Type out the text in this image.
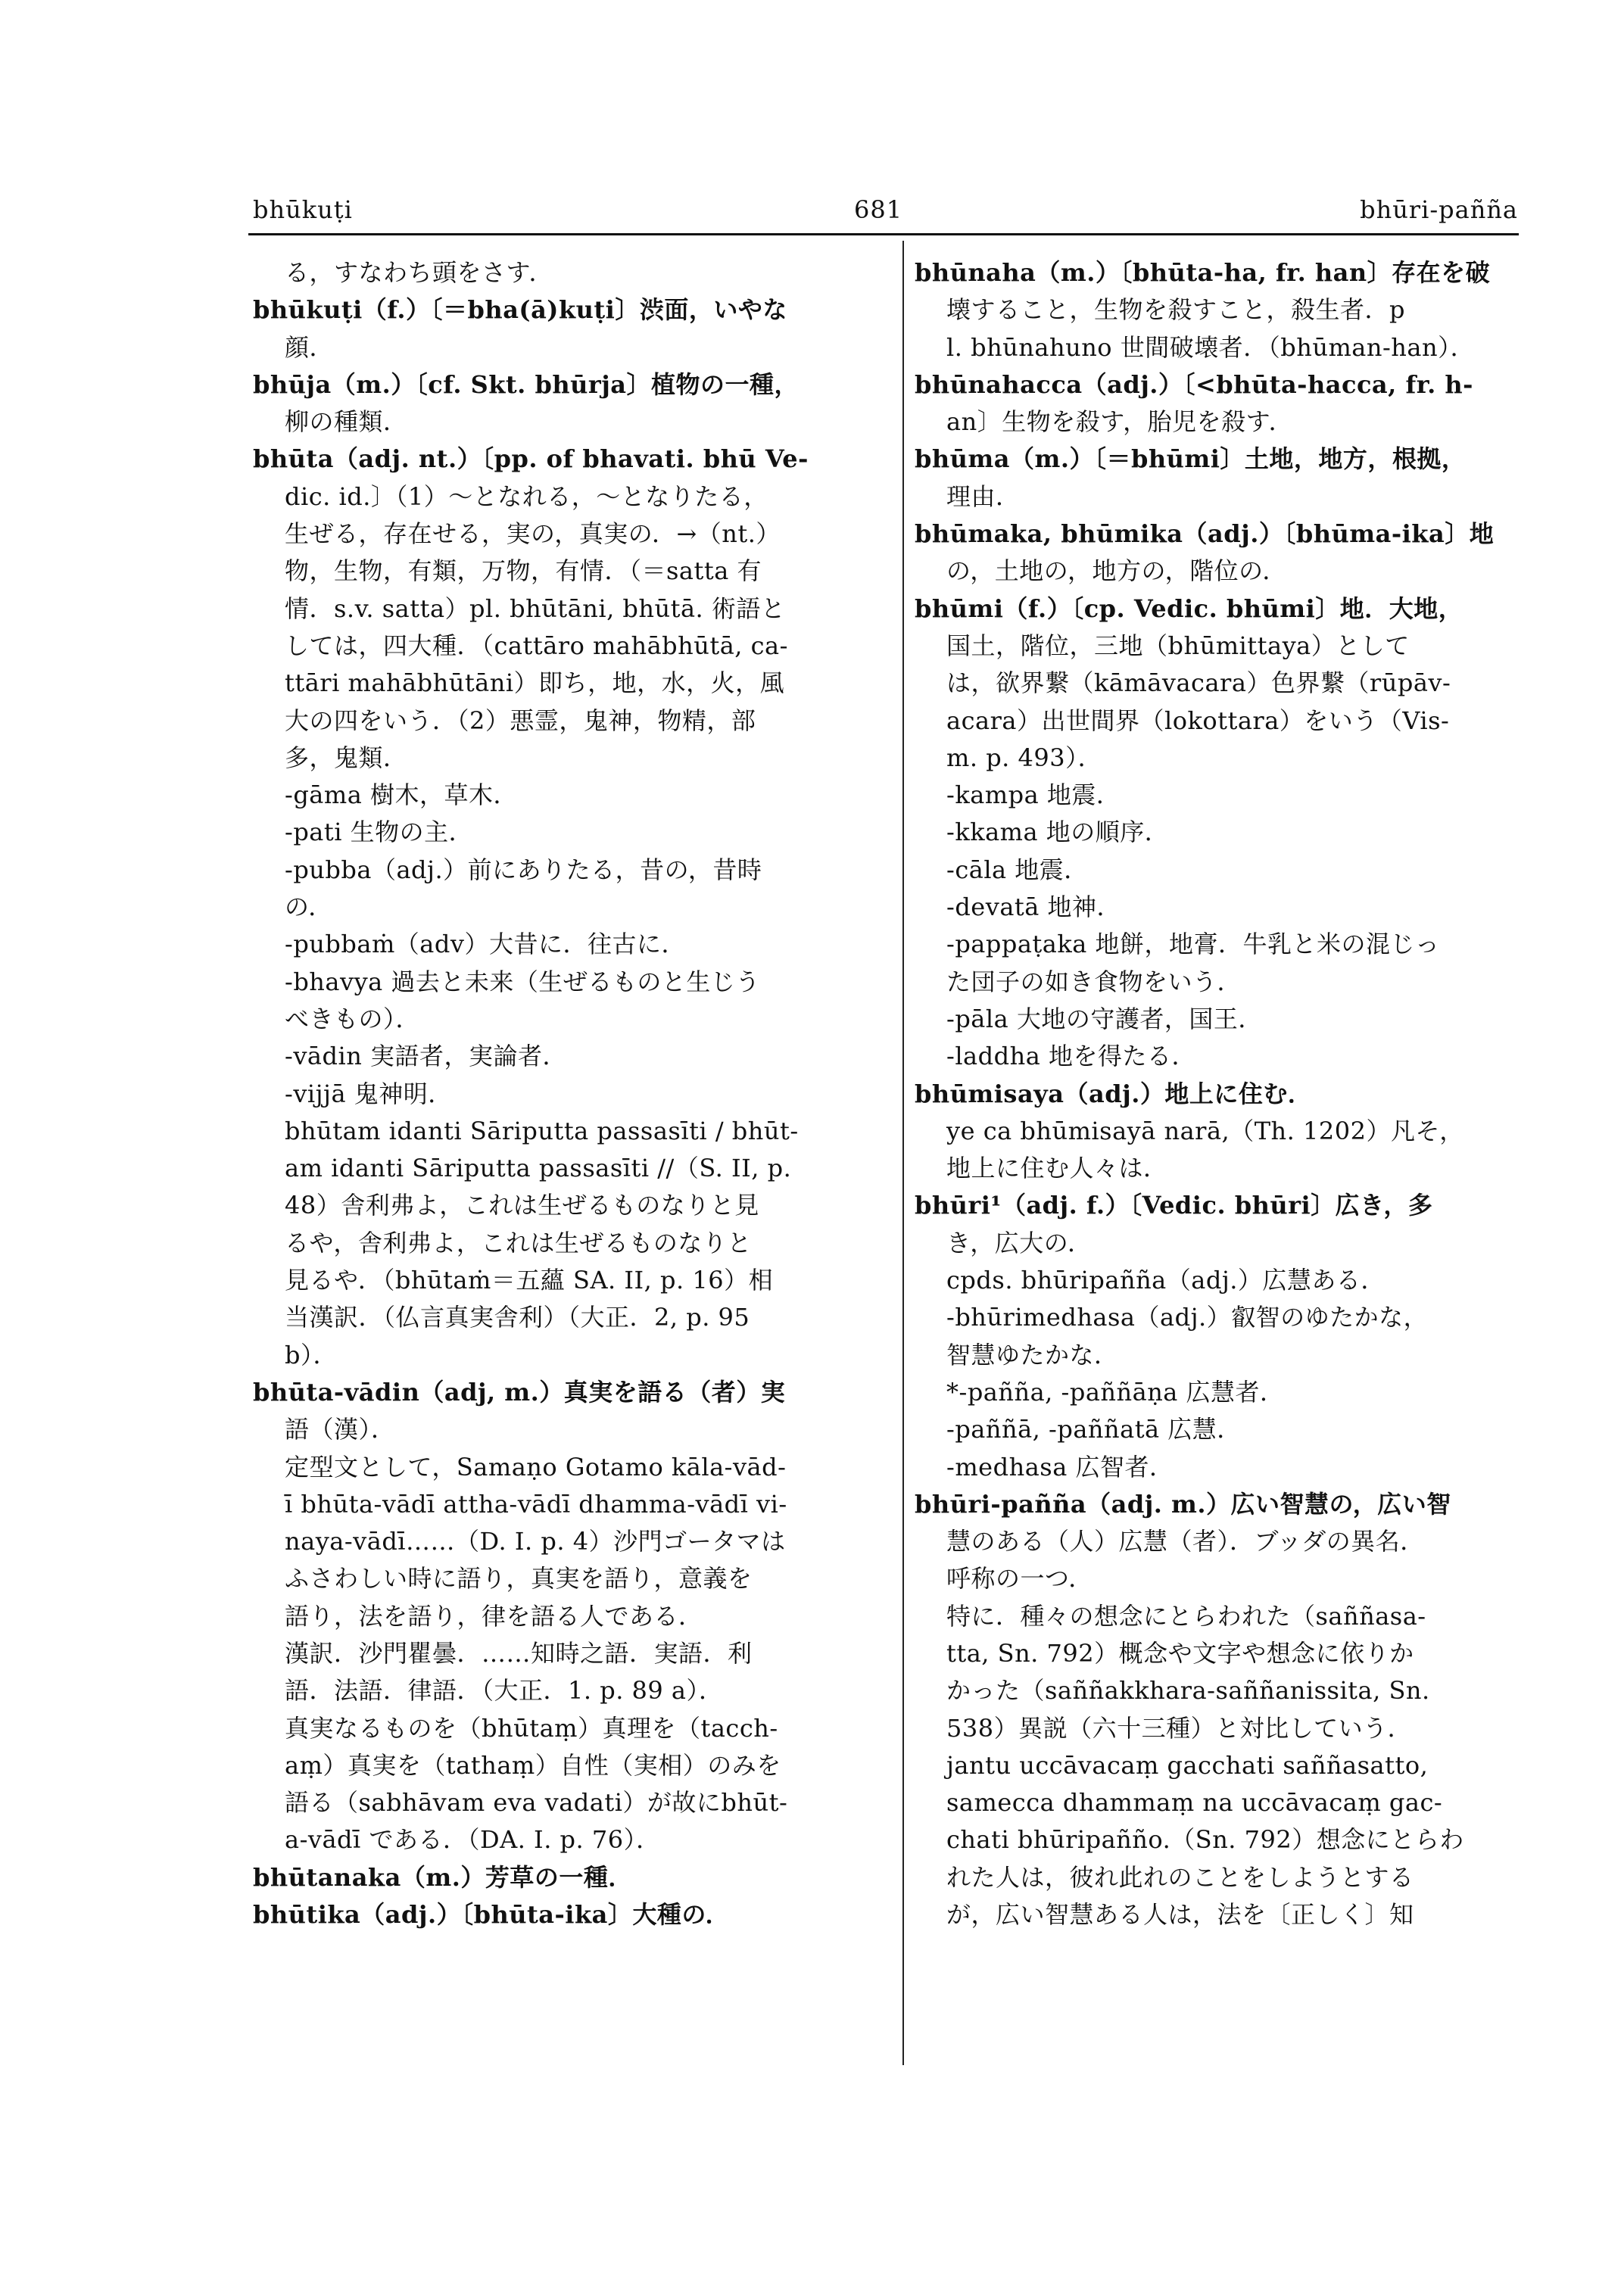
bhūkuṭi	681	bhūri-pañña
る，すなわち頭をさす．
bhūkuṭi（f.）〔＝bha(ā)kuṭi〕渋面，いやな
顔．
bhūja（m.）〔cf. Skt. bhūrja〕植物の一種，
柳の種類．
bhūta（adj. nt.）〔pp. of bhavati. bhū Ve-
dic. id.〕（1）～となれる，～となりたる，
生ぜる，存在せる，実の，真実の．→（nt.）
物，生物，有類，万物，有情．（＝satta 有
情．s.v. satta）pl. bhūtāni, bhūtā. 術語と
しては，四大種．（cattāro mahābhūtā, ca-
ttāri mahābhūtāni）即ち，地，水，火，風
大の四をいう．（2）悪霊，鬼神，物精，部
多，鬼類．
-gāma 樹木，草木．
-pati 生物の主．
-pubba（adj.）前にありたる，昔の，昔時
の．
-pubbaṁ（adv）大昔に．往古に．
-bhavya 過去と未来（生ぜるものと生じう
べきもの）．
-vādin 実語者，実論者．
-vijjā 鬼神明．
bhūtam idanti Sāriputta passasīti / bhūt-
am idanti Sāriputta passasīti //（S. II, p.
48）舎利弗よ，これは生ぜるものなりと見
るや，舎利弗よ，これは生ぜるものなりと
見るや．（bhūtaṁ＝五蘊 SA. II, p. 16）相
当漢訳．（仏言真実舎利）（大正．2, p. 95
b）．
bhūta-vādin（adj, m.）真実を語る（者）実
語（漢）．
定型文として，Samaṇo Gotamo kāla-vād-
ī bhūta-vādī attha-vādī dhamma-vādī vi-
naya-vādī……（D. I. p. 4）沙門ゴータマは
ふさわしい時に語り，真実を語り，意義を
語り，法を語り，律を語る人である．
漢訳．沙門瞿曇．……知時之語．実語．利
語．法語．律語．（大正．1. p. 89 a）．
真実なるものを（bhūtaṃ）真理を（tacch-
aṃ）真実を（tathaṃ）自性（実相）のみを
語る（sabhāvam eva vadati）が故にbhūt-
a-vādī である．（DA. I. p. 76）．
bhūtanaka（m.）芳草の一種．
bhūtika（adj.）〔bhūta-ika〕大種の．
bhūnaha（m.）〔bhūta-ha, fr. han〕存在を破
壊すること，生物を殺すこと，殺生者．p
l. bhūnahuno 世間破壊者．（bhūman-han）．
bhūnahacca（adj.）〔<bhūta-hacca, fr. h-
an〕生物を殺す，胎児を殺す．
bhūma（m.）〔＝bhūmi〕土地，地方，根拠，
理由．
bhūmaka, bhūmika（adj.）〔bhūma-ika〕地
の，土地の，地方の，階位の．
bhūmi（f.）〔cp. Vedic. bhūmi〕地．大地，
国土，階位，三地（bhūmittaya）として
は，欲界繋（kāmāvacara）色界繋（rūpāv-
acara）出世間界（lokottara）をいう（Vis-
m. p. 493）．
-kampa 地震．
-kkama 地の順序．
-cāla 地震．
-devatā 地神．
-pappaṭaka 地餅，地膏．牛乳と米の混じっ
た団子の如き食物をいう．
-pāla 大地の守護者，国王．
-laddha 地を得たる．
bhūmisaya（adj.）地上に住む．
ye ca bhūmisayā narā,（Th. 1202）凡そ，
地上に住む人々は．
bhūri¹（adj. f.）〔Vedic. bhūri〕広き，多
き，広大の．
cpds. bhūripañña（adj.）広慧ある．
-bhūrimedhasa（adj.）叡智のゆたかな，
智慧ゆたかな．
*-pañña, -paññāṇa 広慧者．
-paññā, -paññatā 広慧．
-medhasa 広智者．
bhūri-pañña（adj. m.）広い智慧の，広い智
慧のある（人）広慧（者）．ブッダの異名．
呼称の一つ．
特に．種々の想念にとらわれた（saññasa-
tta, Sn. 792）概念や文字や想念に依りか
かった（saññakkhara-saññanissita, Sn.
538）異説（六十三種）と対比していう．
jantu uccāvacaṃ gacchati saññasatto,
samecca dhammaṃ na uccāvacaṃ gac-
chati bhūripañño.（Sn. 792）想念にとらわ
れた人は，彼れ此れのことをしようとする
が，広い智慧ある人は，法を〔正しく〕知
